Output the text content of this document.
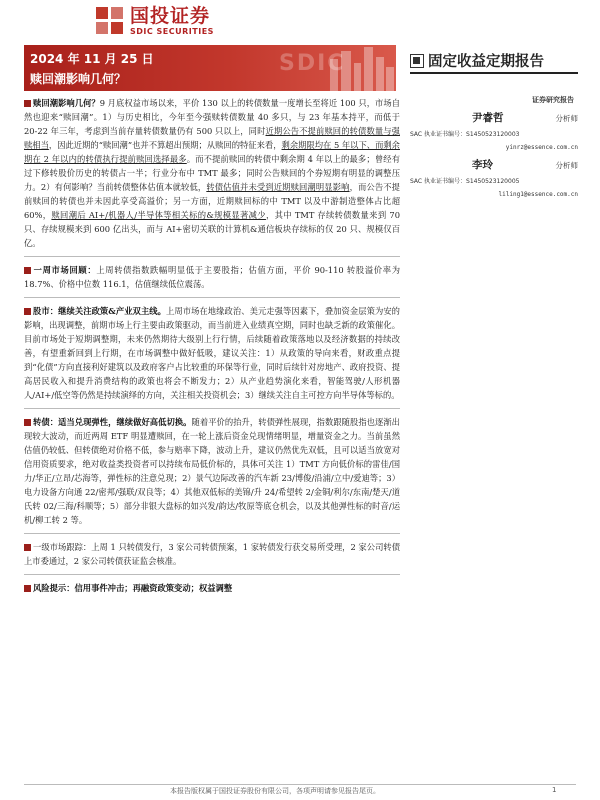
国投证券
SDIC SECURITIES
2024 年 11 月 25 日
赎回潮影响几何？
SDIC	固定收益定期报告
证券研究报告
尹睿哲	分析师
SAC 执业证书编号：S1450523120003
yinrz@essence.com.cn
李玲	分析师
SAC 执业证书编号：S1450523120005
liling1@essence.com.cn
赎回潮影响几何？9 月底权益市场以来，平价 130 以上的转债数量一度增长至将近 100 只，市场自然也迎来“赎回潮”。1）与历史相比，今年至今强赎转债数量 40 多只，与 23 年基本持平，而低于 20-22 年三年，考虑到当前存量转债数量仍有 500 只以上，同时近期公告不提前赎回的转债数量与强赎相当，因此近期的“赎回潮”也并不算超出预期；从赎回的特征来看，剩余期限均在 5 年以下、而剩余期在 2 年以内的转债执行提前赎回选择最多。而不提前赎回的转债中剩余期 4 年以上的最多；曾经有过下修转股价历史的转债占一半；行业分布中 TMT 最多；同时公告赎回的个券短期有明显的调整压力。2）有何影响？当前转债整体估值本就较低，转债估值并未受到近期赎回潮明显影响，而公告不提前赎回的转债也并未因此享受高溢价；另一方面，近期赎回标的中 TMT 以及中游制造整体占比超 60%，赎回潮后 AI+/机器人/半导体等相关标的&规模显著减少，其中 TMT 存续转债数量来到 70 只、存续规模来到 600 亿出头，而与 AI+密切关联的计算机&通信板块存续标的仅 20 只、规模仅百亿。
一周市场回顾：上周转债指数跌幅明显低于主要股指；估值方面，平价 90-110 转股溢价率为 18.7%、价格中位数 116.1，估值继续低位震荡。
股市：继续关注政策&产业双主线。上周市场在地缘政治、美元走强等因素下，叠加资金层策为安的影响，出现调整，前期市场上行主要由政策驱动，而当前进入业绩真空期，同时也缺乏新的政策催化。目前市场处于短期调整期，未来仍然期待大级别上行行情，后续随着政策落地以及经济数据的持续改善，有望重新回到上行期，在市场调整中做好低吸，建议关注：1）从政策的导向来看，财政重点提到“化债”方向直接利好建筑以及政府客户占比较重的环保等行业，同时后续针对房地产、政府投资、提高居民收入和提升消费结构的政策也将会不断发力；2）从产业趋势演化来看，智能驾驶/人形机器人/AI+/低空等仍然是持续演绎的方向，关注相关投资机会；3）继续关注自主可控方向半导体等标的。
转债：适当兑现弹性，继续做好高低切换。随着平价的抬升，转债弹性展现，指数跟随股指也逐渐出现较大波动，而近两周 ETF 明显遭赎回，在一轮上涨后资金兑现情绪明显，增量资金之力。当前虽然估值仍较低、但转债绝对价格不低，参与赔率下降，波动上升，建议仍然优先双低，且可以适当放宽对信用资质要求，绝对收益类投资者可以持续布局低价标的，具体可关注 1）TMT 方向低价标的雷佳/国力/华正/立昂/芯海等，弹性标的注意兑现；2）景气边际改善的汽车新 23/博俊/沿浦/立中/爱迪等；3）电力设备方向通 22/密邦/强联/双良等；4）其他双低标的美锦/升 24/希望转 2/金铜/利尔/东南/楚天/道氏转 02/三海/科顺等；5）部分非银大盘标的如兴发/韵达/牧原等底仓机会，以及其他弹性标的时音/运机/柳工转 2 等。
一级市场跟踪：上周 1 只转债发行，3 家公司转债预案，1 家转债发行获交易所受理，2 家公司转债上市委通过，2 家公司转债获证监会核准。
风险提示：信用事件冲击；再融资政策变动；权益调整
本报告版权属于国投证券股份有限公司，各项声明请参见报告尾页。	1
